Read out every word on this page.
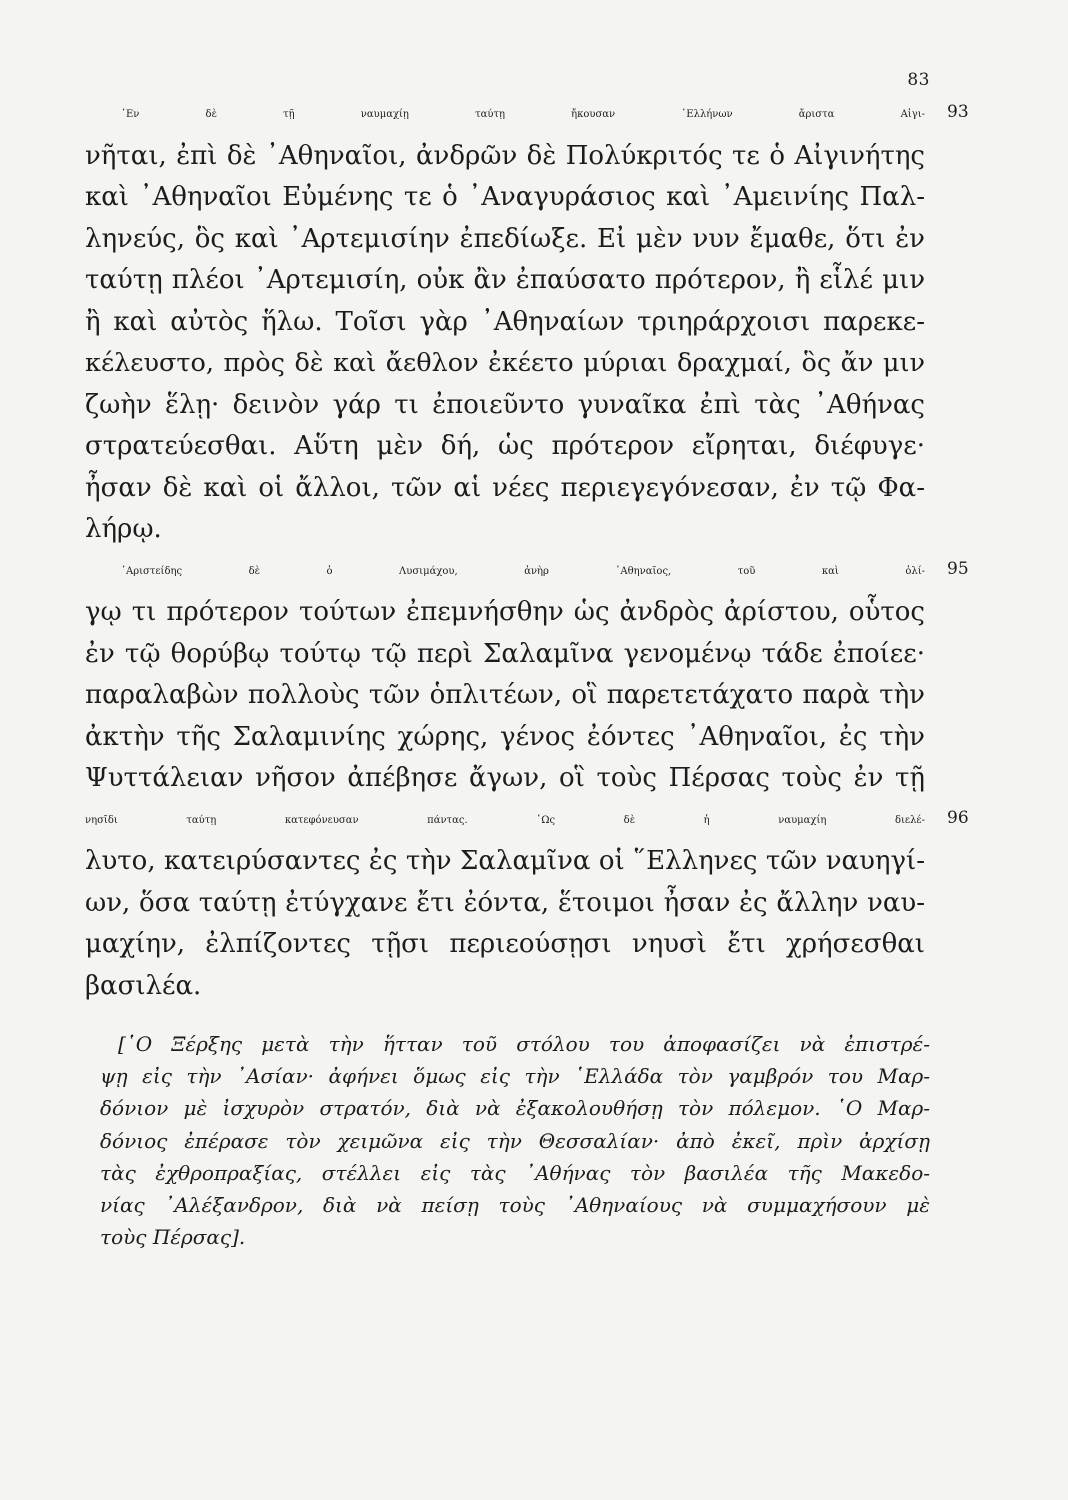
83
᾿Εν δὲ τῇ ναυμαχίῃ ταύτῃ ἤκουσαν ῾Ελλήνων ἄριστα Αἰγι- 93
νῆται, ἐπὶ δὲ ᾿Αθηναῖοι, ἀνδρῶν δὲ Πολύκριτός τε ὁ Αἰγινήτης
καὶ ᾿Αθηναῖοι Εὐμένης τε ὁ ᾿Αναγυράσιος καὶ ᾿Αμεινίης Παλ-
ληνεύς, ὃς καὶ ᾿Αρτεμισίην ἐπεδίωξε. Εἰ μὲν νυν ἔμαθε, ὅτι ἐν
ταύτῃ πλέοι ᾿Αρτεμισίη, οὐκ ἂν ἐπαύσατο πρότερον, ἢ εἷλέ μιν
ἢ καὶ αὐτὸς ἥλω. Τοῖσι γὰρ ᾿Αθηναίων τριηράρχοισι παρεκε-
κέλευστο, πρὸς δὲ καὶ ἄεθλον ἐκέετο μύριαι δραχμαί, ὃς ἄν μιν
ζωὴν ἕλῃ· δεινὸν γάρ τι ἐποιεῦντο γυναῖκα ἐπὶ τὰς ᾿Αθήνας
στρατεύεσθαι. Αὕτη μὲν δή, ὡς πρότερον εἴρηται, διέφυγε·
ἦσαν δὲ καὶ οἱ ἄλλοι, τῶν αἱ νέες περιεγεγόνεσαν, ἐν τῷ Φα-
λήρῳ.
᾿Αριστείδης δὲ ὁ Λυσιμάχου, ἀνὴρ ᾿Αθηναῖος, τοῦ καὶ ὀλί- 95
γῳ τι πρότερον τούτων ἐπεμνήσθην ὡς ἀνδρὸς ἀρίστου, οὗτος
ἐν τῷ θορύβῳ τούτῳ τῷ περὶ Σαλαμῖνα γενομένῳ τάδε ἐποίεε·
παραλαβὼν πολλοὺς τῶν ὁπλιτέων, οἳ παρετετάχατο παρὰ τὴν
ἀκτὴν τῆς Σαλαμινίης χώρης, γένος ἐόντες ᾿Αθηναῖοι, ἐς τὴν
Ψυττάλειαν νῆσον ἀπέβησε ἄγων, οἳ τοὺς Πέρσας τοὺς ἐν τῇ
νησῖδι ταύτῃ κατεφόνευσαν πάντας. ῾Ως δὲ ἡ ναυμαχίη διελέ- 96
λυτο, κατειρύσαντες ἐς τὴν Σαλαμῖνα οἱ ῞Ελληνες τῶν ναυηγί-
ων, ὅσα ταύτῃ ἐτύγχανε ἔτι ἐόντα, ἕτοιμοι ἦσαν ἐς ἄλλην ναυ-
μαχίην, ἐλπίζοντες τῇσι περιεούσῃσι νηυσὶ ἔτι χρήσεσθαι
βασιλέα.
[῾Ο Ξέρξης μετὰ τὴν ἥτταν τοῦ στόλου του ἀποφασίζει νὰ ἐπιστρέ-
ψῃ εἰς τὴν ᾿Ασίαν· ἀφήνει ὅμως εἰς τὴν ῾Ελλάδα τὸν γαμβρόν του Μαρ-
δόνιον μὲ ἰσχυρὸν στρατόν, διὰ νὰ ἐξακολουθήσῃ τὸν πόλεμον. ῾Ο Μαρ-
δόνιος ἐπέρασε τὸν χειμῶνα εἰς τὴν Θεσσαλίαν· ἀπὸ ἐκεῖ, πρὶν ἀρχίσῃ
τὰς ἐχθροπραξίας, στέλλει εἰς τὰς ᾿Αθήνας τὸν βασιλέα τῆς Μακεδο-
νίας ᾿Αλέξανδρον, διὰ νὰ πείσῃ τοὺς ᾿Αθηναίους νὰ συμμαχήσουν μὲ
τοὺς Πέρσας].
